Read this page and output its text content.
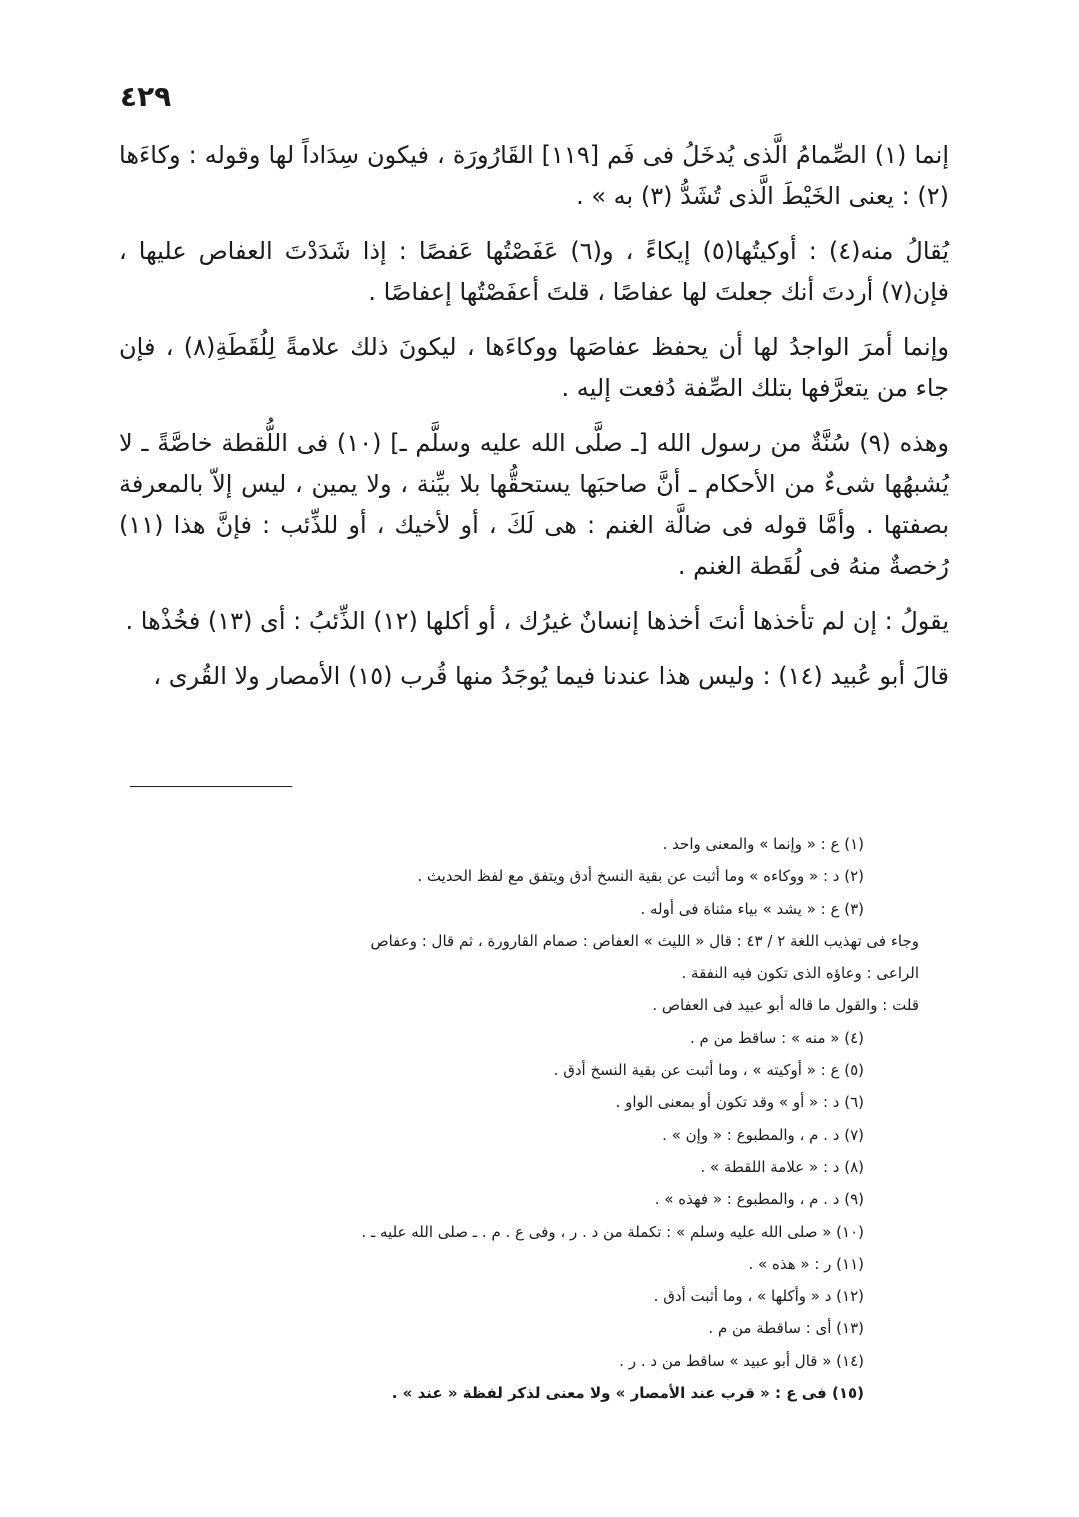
٤٢٩

إنما (١) الصِّمامُ الَّذى يُدخَلُ فى فَم [١١٩] القَارُورَة ، فيكون سِدَاداً لها وقوله : وكاءَها (٢) : يعنى الخَيْطَ الَّذى تُشَدُّ (٣) به » .

يُقالُ منه(٤) : أوكيتُها(٥) إيكاءً ، و(٦) عَفَصْتُها عَفصًا : إذا شَدَدْتَ العفاص عليها ، فإن(٧) أردتَ أنك جعلتَ لها عفاصًا ، قلتَ أعفَصْتُها إعفاصًا .

وإنما أمرَ الواجدُ لها أن يحفظ عفاصَها ووكاءَها ، ليكونَ ذلك علامةً لِلُقَطَةِ(٨) ، فإن جاء من يتعرَّفها بتلك الصِّفة دُفعت إليه .

وهذه (٩) سُنَّةٌ من رسول الله [ـ صلَّى الله عليه وسلَّم ـ] (١٠) فى اللُّقطة خاصَّةً ـ لا يُشبهُها شىءٌ من الأحكام ـ أنَّ صاحبَها يستحقُّها بلا بيِّنة ، ولا يمين ، ليس إلاّ بالمعرفة بصفتها . وأمَّا قوله فى ضالَّة الغنم : هى لَكَ ، أو لأخيك ، أو للذِّئب : فإنَّ هذا (١١) رُخصةٌ منهُ فى لُقَطة الغنم .

يقولُ : إن لم تأخذها أنتَ أخذها إنسانٌ غيرُك ، أو أكلها (١٢) الذِّئبُ : أى (١٣) فخُذْها .

قالَ أبو عُبيد (١٤) : وليس هذا عندنا فيما يُوجَدُ منها قُرب (١٥) الأمصار ولا القُرى ،

(١) ع : « وإنما » والمعنى واحد .
(٢) د : « ووكاءه » وما أثبت عن بقية النسخ أدق ويتفق مع لفظ الحديث .
(٣) ع : « يشد » بياء مثناة فى أوله .
وجاء فى تهذيب اللغة ٢ / ٤٣ : قال « الليث » العفاص : صمام القارورة ، ثم قال : وعفاص
الراعى : وعاؤه الذى تكون فيه النفقة .
قلت : والقول ما قاله أبو عبيد فى العفاص .
(٤) « منه » : ساقط من م .
(٥) ع : « أوكيته » ، وما أثبت عن بقية النسخ أدق .
(٦) د : « أو » وقد تكون أو بمعنى الواو .
(٧) د . م ، والمطبوع : « وإن » .
(٨) د : « علامة اللقطة » .
(٩) د . م ، والمطبوع : « فهذه » .
(١٠) « صلى الله عليه وسلم » : تكملة من د . ر ، وفى ع . م . ـ صلى الله عليه ـ .
(١١) ر : « هذه » .
(١٢) د « وأكلها » ، وما أثبت أدق .
(١٣) أى : ساقطة من م .
(١٤) « قال أبو عبيد » ساقط من د . ر .
(١٥) فى ع : « قرب عند الأمصار » ولا معنى لذكر لفظة « عند » .
